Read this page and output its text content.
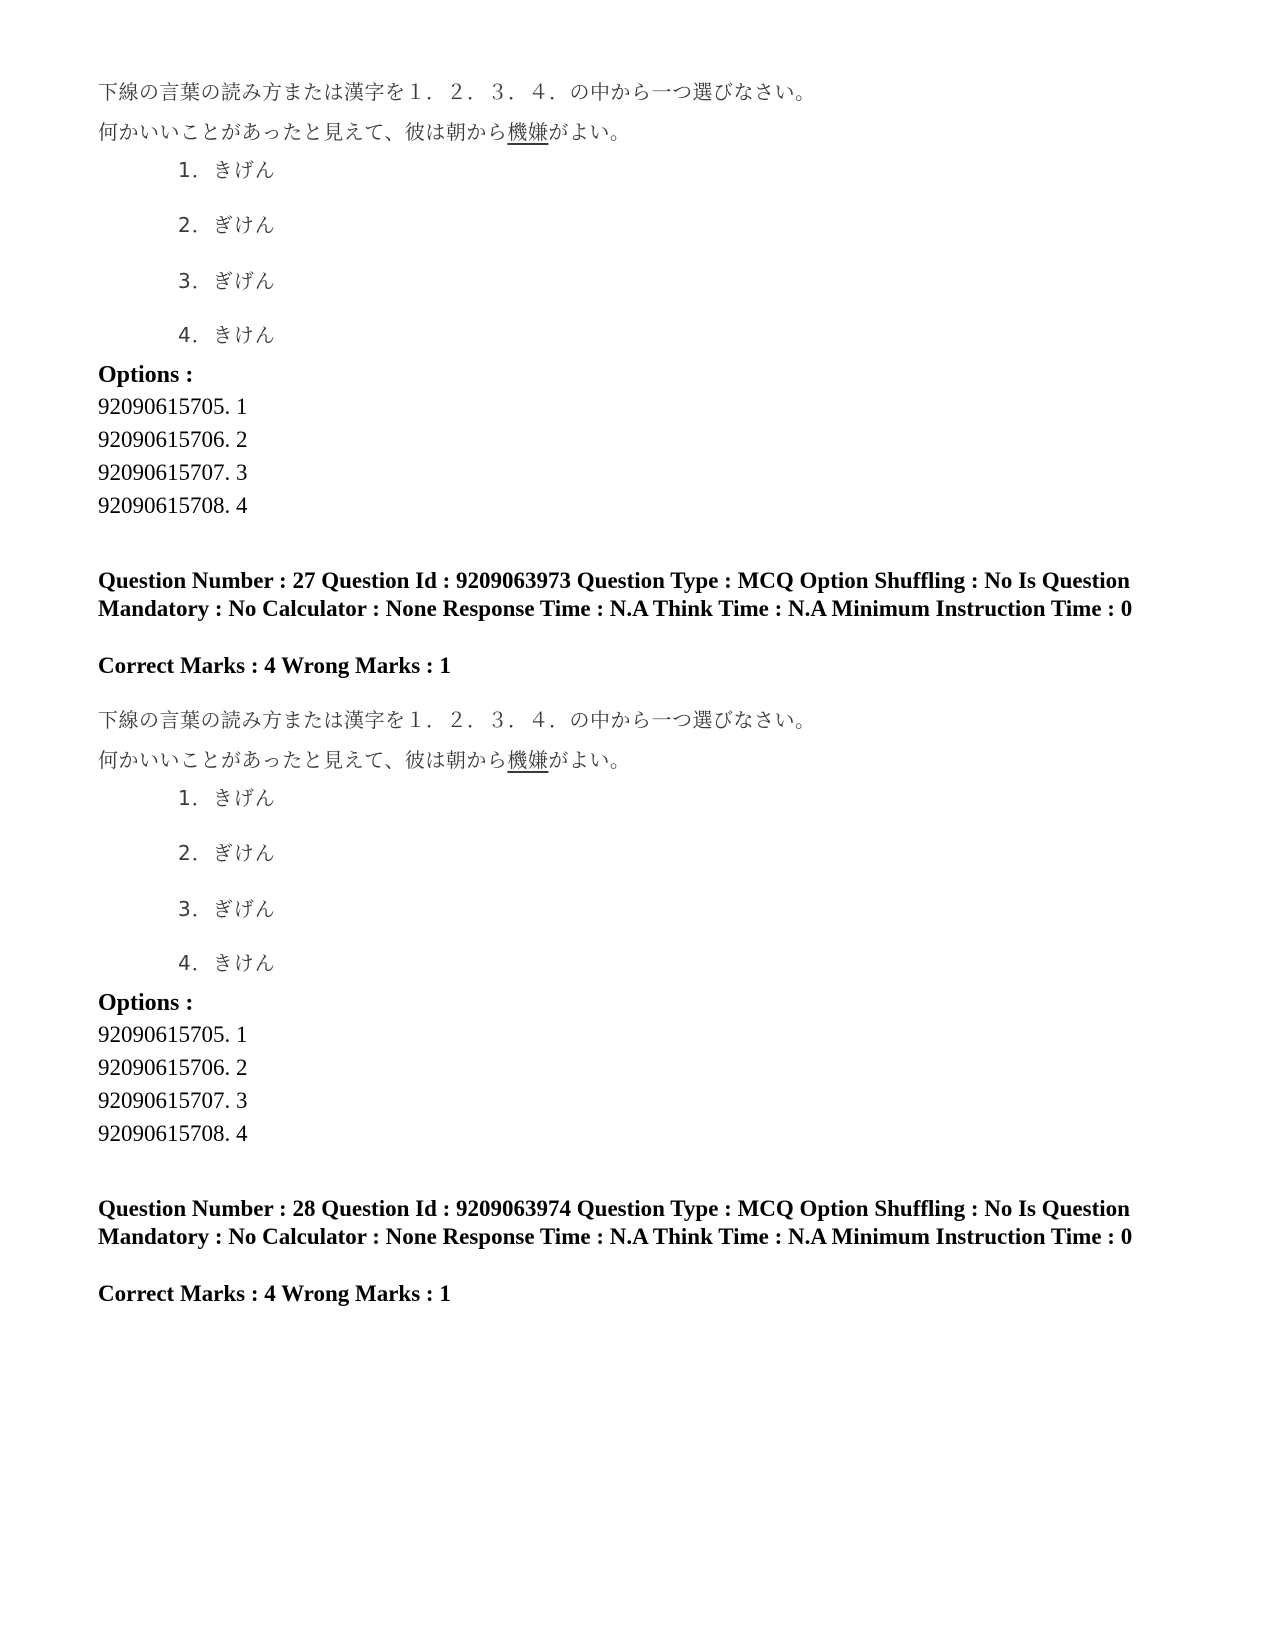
下線の言葉の読み方または漢字を１．２．３．４．の中から一つ選びなさい。
何かいいことがあったと見えて、彼は朝から機嫌がよい。
1．きげん
2．ぎけん
3．ぎげん
4．きけん
Options :
92090615705. 1
92090615706. 2
92090615707. 3
92090615708. 4
Question Number : 27 Question Id : 9209063973 Question Type : MCQ Option Shuffling : No Is Question Mandatory : No Calculator : None Response Time : N.A Think Time : N.A Minimum Instruction Time : 0
Correct Marks : 4 Wrong Marks : 1
下線の言葉の読み方または漢字を１．２．３．４．の中から一つ選びなさい。
何かいいことがあったと見えて、彼は朝から機嫌がよい。
1．きげん
2．ぎけん
3．ぎげん
4．きけん
Options :
92090615705. 1
92090615706. 2
92090615707. 3
92090615708. 4
Question Number : 28 Question Id : 9209063974 Question Type : MCQ Option Shuffling : No Is Question Mandatory : No Calculator : None Response Time : N.A Think Time : N.A Minimum Instruction Time : 0
Correct Marks : 4 Wrong Marks : 1
